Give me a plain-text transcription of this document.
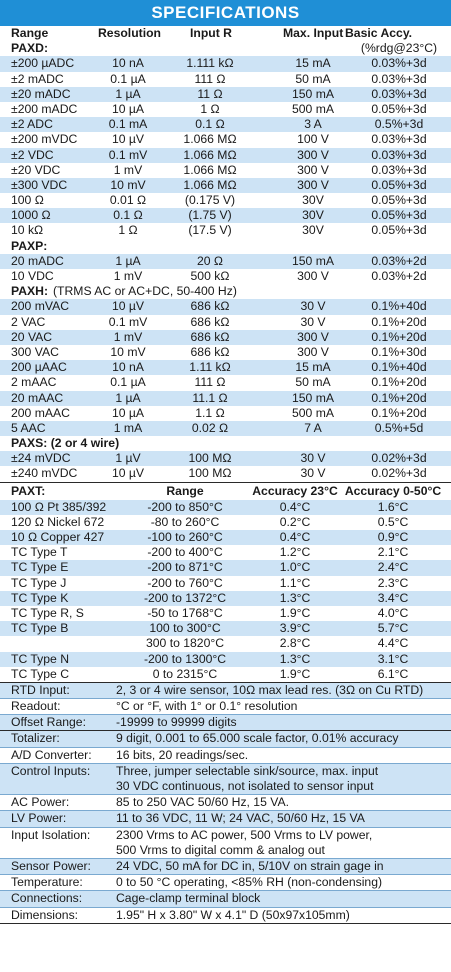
SPECIFICATIONS
Range	Resolution Input R	Max. Input Basic Accy.
PAXD:	(%rdg@23°C)
±200 µADC	10 nA	1.111 kΩ	15 mA	0.03%+3d
±2 mADC	0.1 µA	111 Ω	50 mA	0.03%+3d
±20 mADC	1 µA	11 Ω	150 mA	0.03%+3d
±200 mADC	10 µA	1 Ω	500 mA	0.05%+3d
±2 ADC	0.1 mA	0.1 Ω	3 A	0.5%+3d
±200 mVDC	10 µV	1.066 MΩ	100 V	0.03%+3d
±2 VDC	0.1 mV	1.066 MΩ	300 V	0.03%+3d
±20 VDC	1 mV	1.066 MΩ	300 V	0.03%+3d
±300 VDC	10 mV	1.066 MΩ	300 V	0.05%+3d
100 Ω	0.01 Ω	(0.175 V)	30V	0.05%+3d
1000 Ω	0.1 Ω	(1.75 V)	30V	0.05%+3d
10 kΩ	1 Ω	(17.5 V)	30V	0.05%+3d
PAXP:
20 mADC	1 µA	20 Ω	150 mA	0.03%+2d
10 VDC	1 mV	500 kΩ	300 V	0.03%+2d
PAXH: (TRMS AC or AC+DC, 50-400 Hz)
200 mVAC	10 µV	686 kΩ	30 V	0.1%+40d
2 VAC	0.1 mV	686 kΩ	30 V	0.1%+20d
20 VAC	1 mV	686 kΩ	300 V	0.1%+20d
300 VAC	10 mV	686 kΩ	300 V	0.1%+30d
200 µAAC	10 nA	1.11 kΩ	15 mA	0.1%+40d
2 mAAC	0.1 µA	111 Ω	50 mA	0.1%+20d
20 mAAC	1 µA	11.1 Ω	150 mA	0.1%+20d
200 mAAC	10 µA	1.1 Ω	500 mA	0.1%+20d
5 AAC	1 mA	0.02 Ω	7 A	0.5%+5d
PAXS: (2 or 4 wire)
±24 mVDC	1 µV	100 MΩ	30 V	0.02%+3d
±240 mVDC	10 µV	100 MΩ	30 V	0.02%+3d
PAXT:	Range	Accuracy 23°C Accuracy 0-50°C
100 Ω Pt 385/392	-200 to 850°C	0.4°C	1.6°C
120 Ω Nickel 672	-80 to 260°C	0.2°C	0.5°C
10 Ω Copper 427	-100 to 260°C	0.4°C	0.9°C
TC Type T	-200 to 400°C	1.2°C	2.1°C
TC Type E	-200 to 871°C	1.0°C	2.4°C
TC Type J	-200 to 760°C	1.1°C	2.3°C
TC Type K	-200 to 1372°C	1.3°C	3.4°C
TC Type R, S	-50 to 1768°C	1.9°C	4.0°C
TC Type B	100 to 300°C	3.9°C	5.7°C
300 to 1820°C	2.8°C	4.4°C
TC Type N	-200 to 1300°C	1.3°C	3.1°C
TC Type C	0 to 2315°C	1.9°C	6.1°C
RTD Input:	2, 3 or 4 wire sensor, 10Ω max lead res. (3Ω on Cu RTD)
Readout:	°C or °F, with 1° or 0.1° resolution
Offset Range: -19999 to 99999 digits
Totalizer:	9 digit, 0.001 to 65.000 scale factor, 0.01% accuracy
A/D Converter: 16 bits, 20 readings/sec.
Control Inputs: Three, jumper selectable sink/source, max. input
30 VDC continuous, not isolated to sensor input
AC Power:	85 to 250 VAC 50/60 Hz, 15 VA.
LV Power:	11 to 36 VDC, 11 W; 24 VAC, 50/60 Hz, 15 VA
Input Isolation: 2300 Vrms to AC power, 500 Vrms to LV power,
500 Vrms to digital comm & analog out
Sensor Power: 24 VDC, 50 mA for DC in, 5/10V on strain gage in
Temperature:	0 to 50 °C operating, <85% RH (non-condensing)
Connections:	Cage-clamp terminal block
Dimensions:	1.95" H x 3.80" W x 4.1" D (50x97x105mm)
